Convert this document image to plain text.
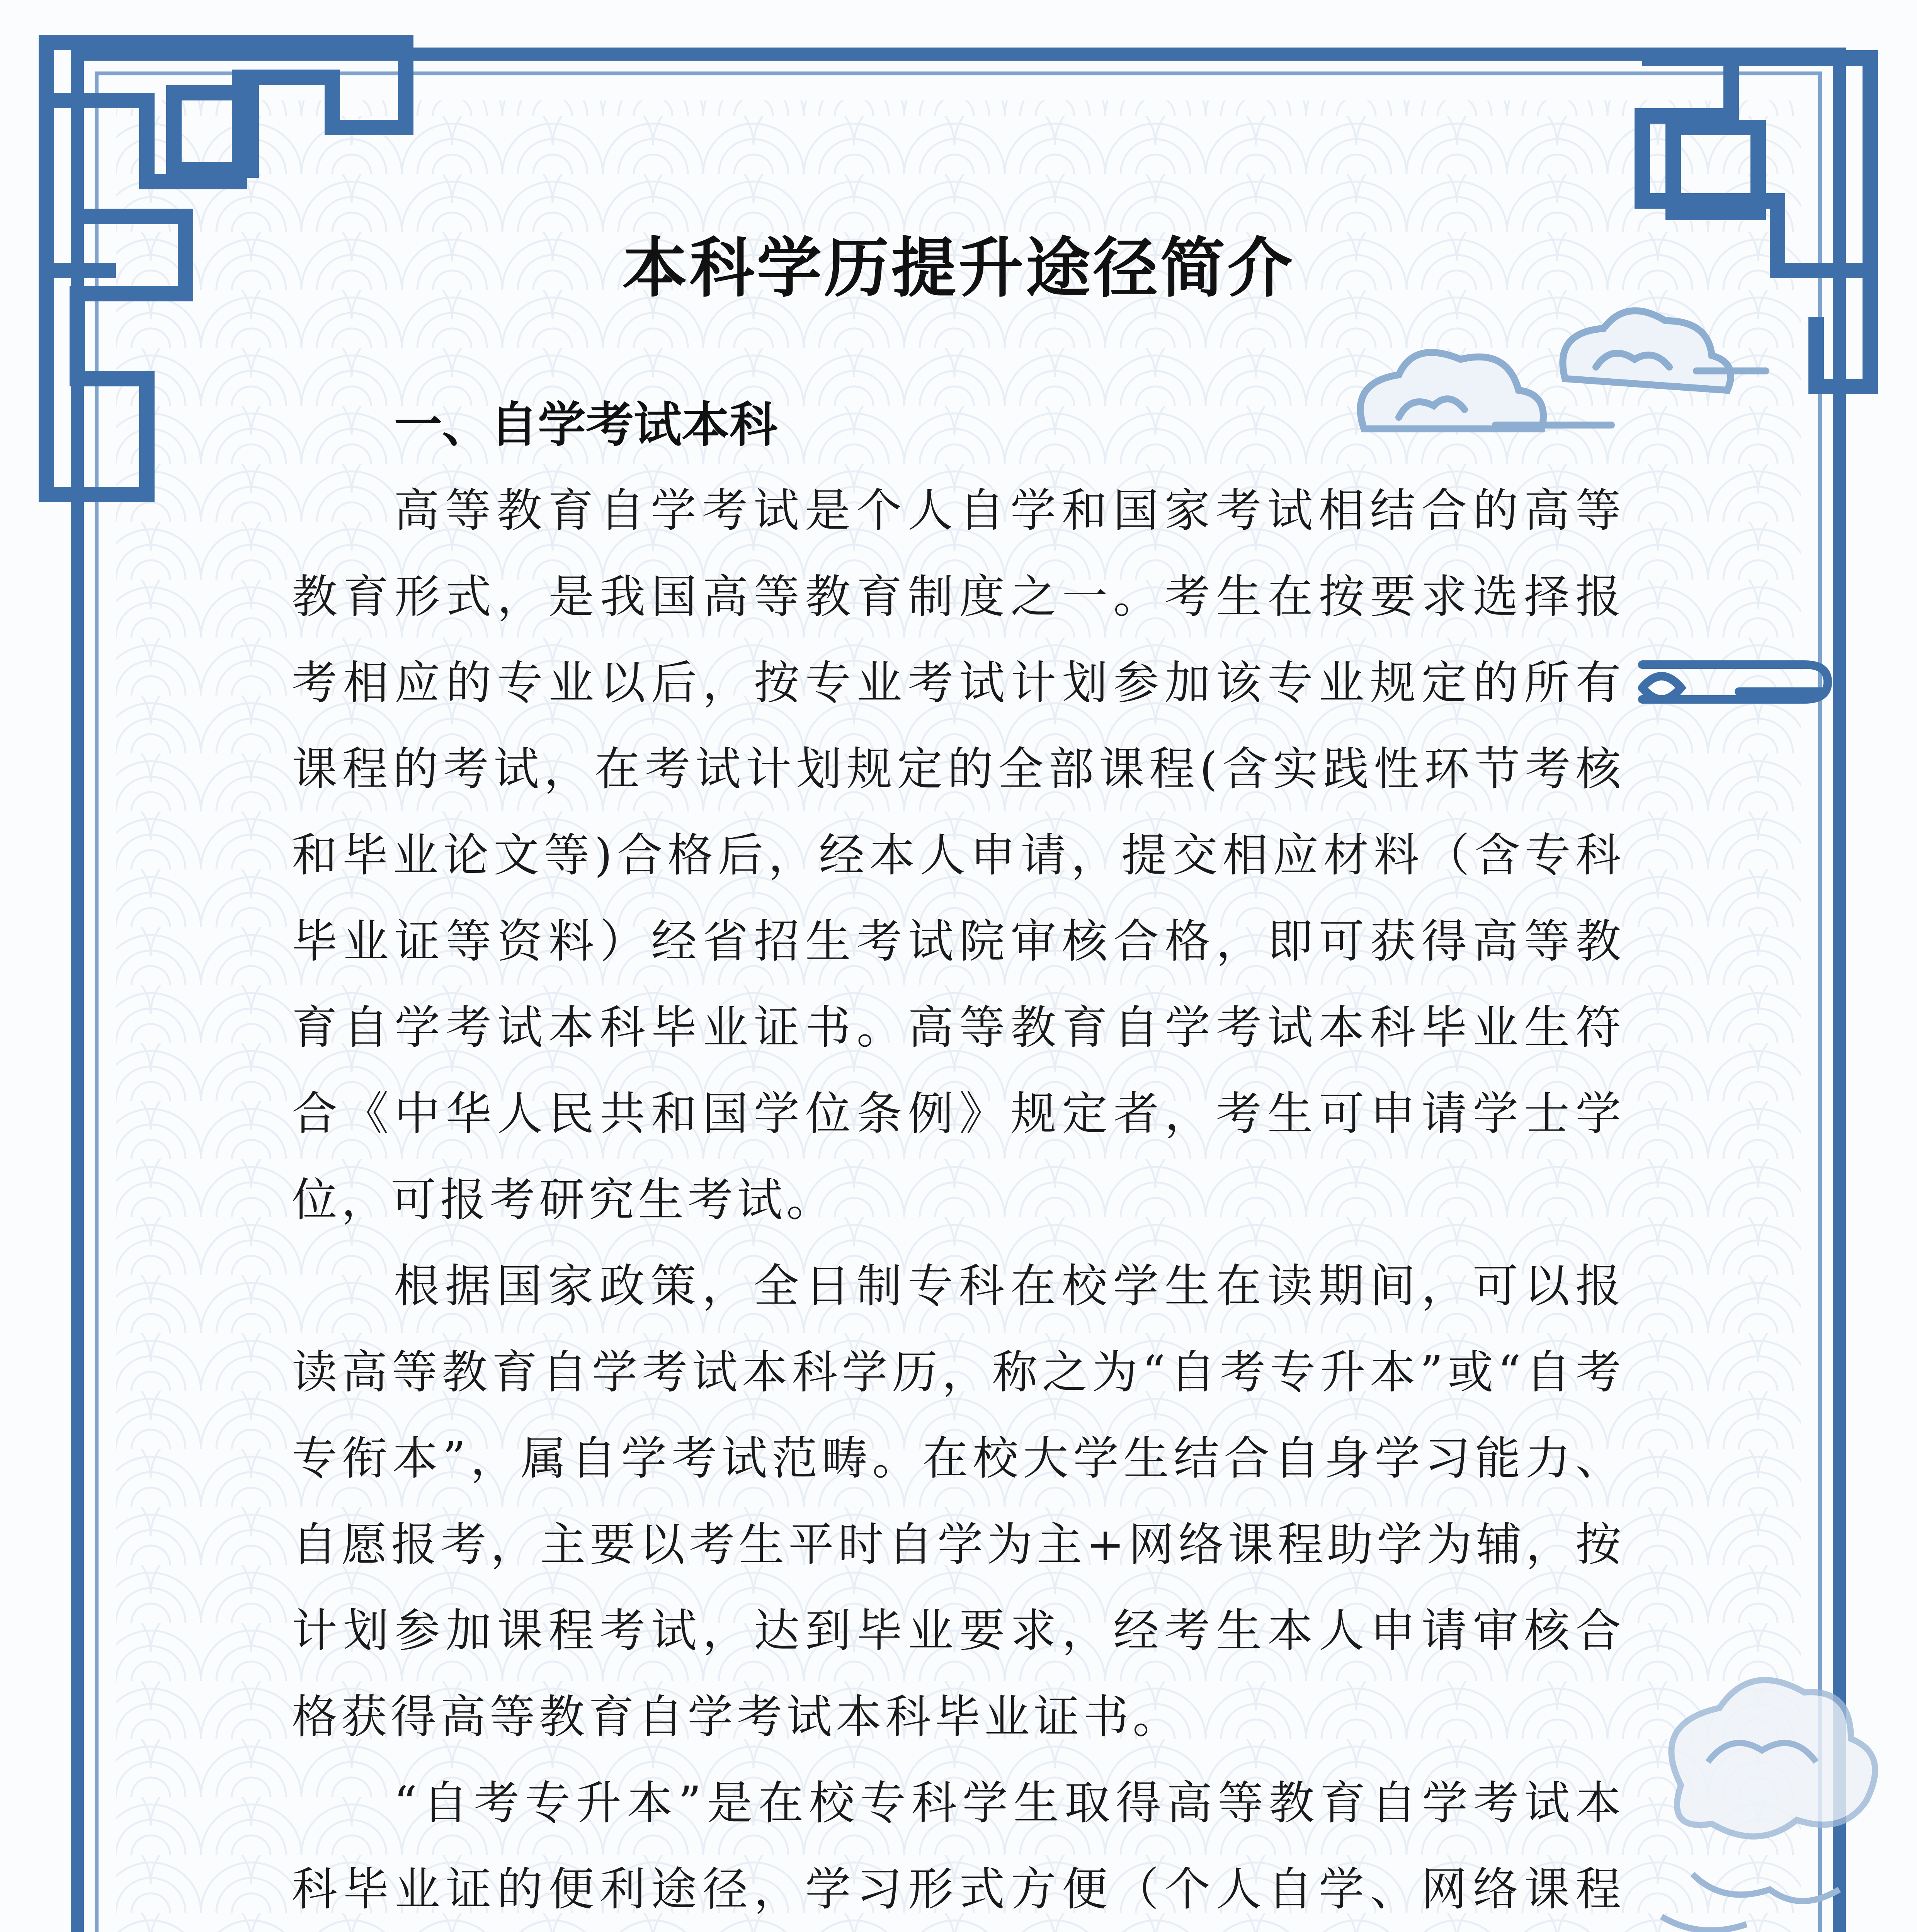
本科学历提升途径简介
一、自学考试本科

高等教育自学考试是个人自学和国家考试相结合的高等教育形式，是我国高等教育制度之一。考生在按要求选择报考相应的专业以后，按专业考试计划参加该专业规定的所有课程的考试，在考试计划规定的全部课程(含实践性环节考核和毕业论文等)合格后，经本人申请，提交相应材料（含专科毕业证等资料）经省招生考试院审核合格，即可获得高等教育自学考试本科毕业证书。高等教育自学考试本科毕业生符合《中华人民共和国学位条例》规定者，考生可申请学士学位，可报考研究生考试。

根据国家政策，全日制专科在校学生在读期间，可以报读高等教育自学考试本科学历，称之为“自考专升本”或“自考专衔本”，属自学考试范畴。在校大学生结合自身学习能力、自愿报考，主要以考生平时自学为主+网络课程助学为辅，按计划参加课程考试，达到毕业要求，经考生本人申请审核合格获得高等教育自学考试本科毕业证书。

“自考专升本”是在校专科学生取得高等教育自学考试本科毕业证的便利途径，学习形式方便（个人自学、网络课程
